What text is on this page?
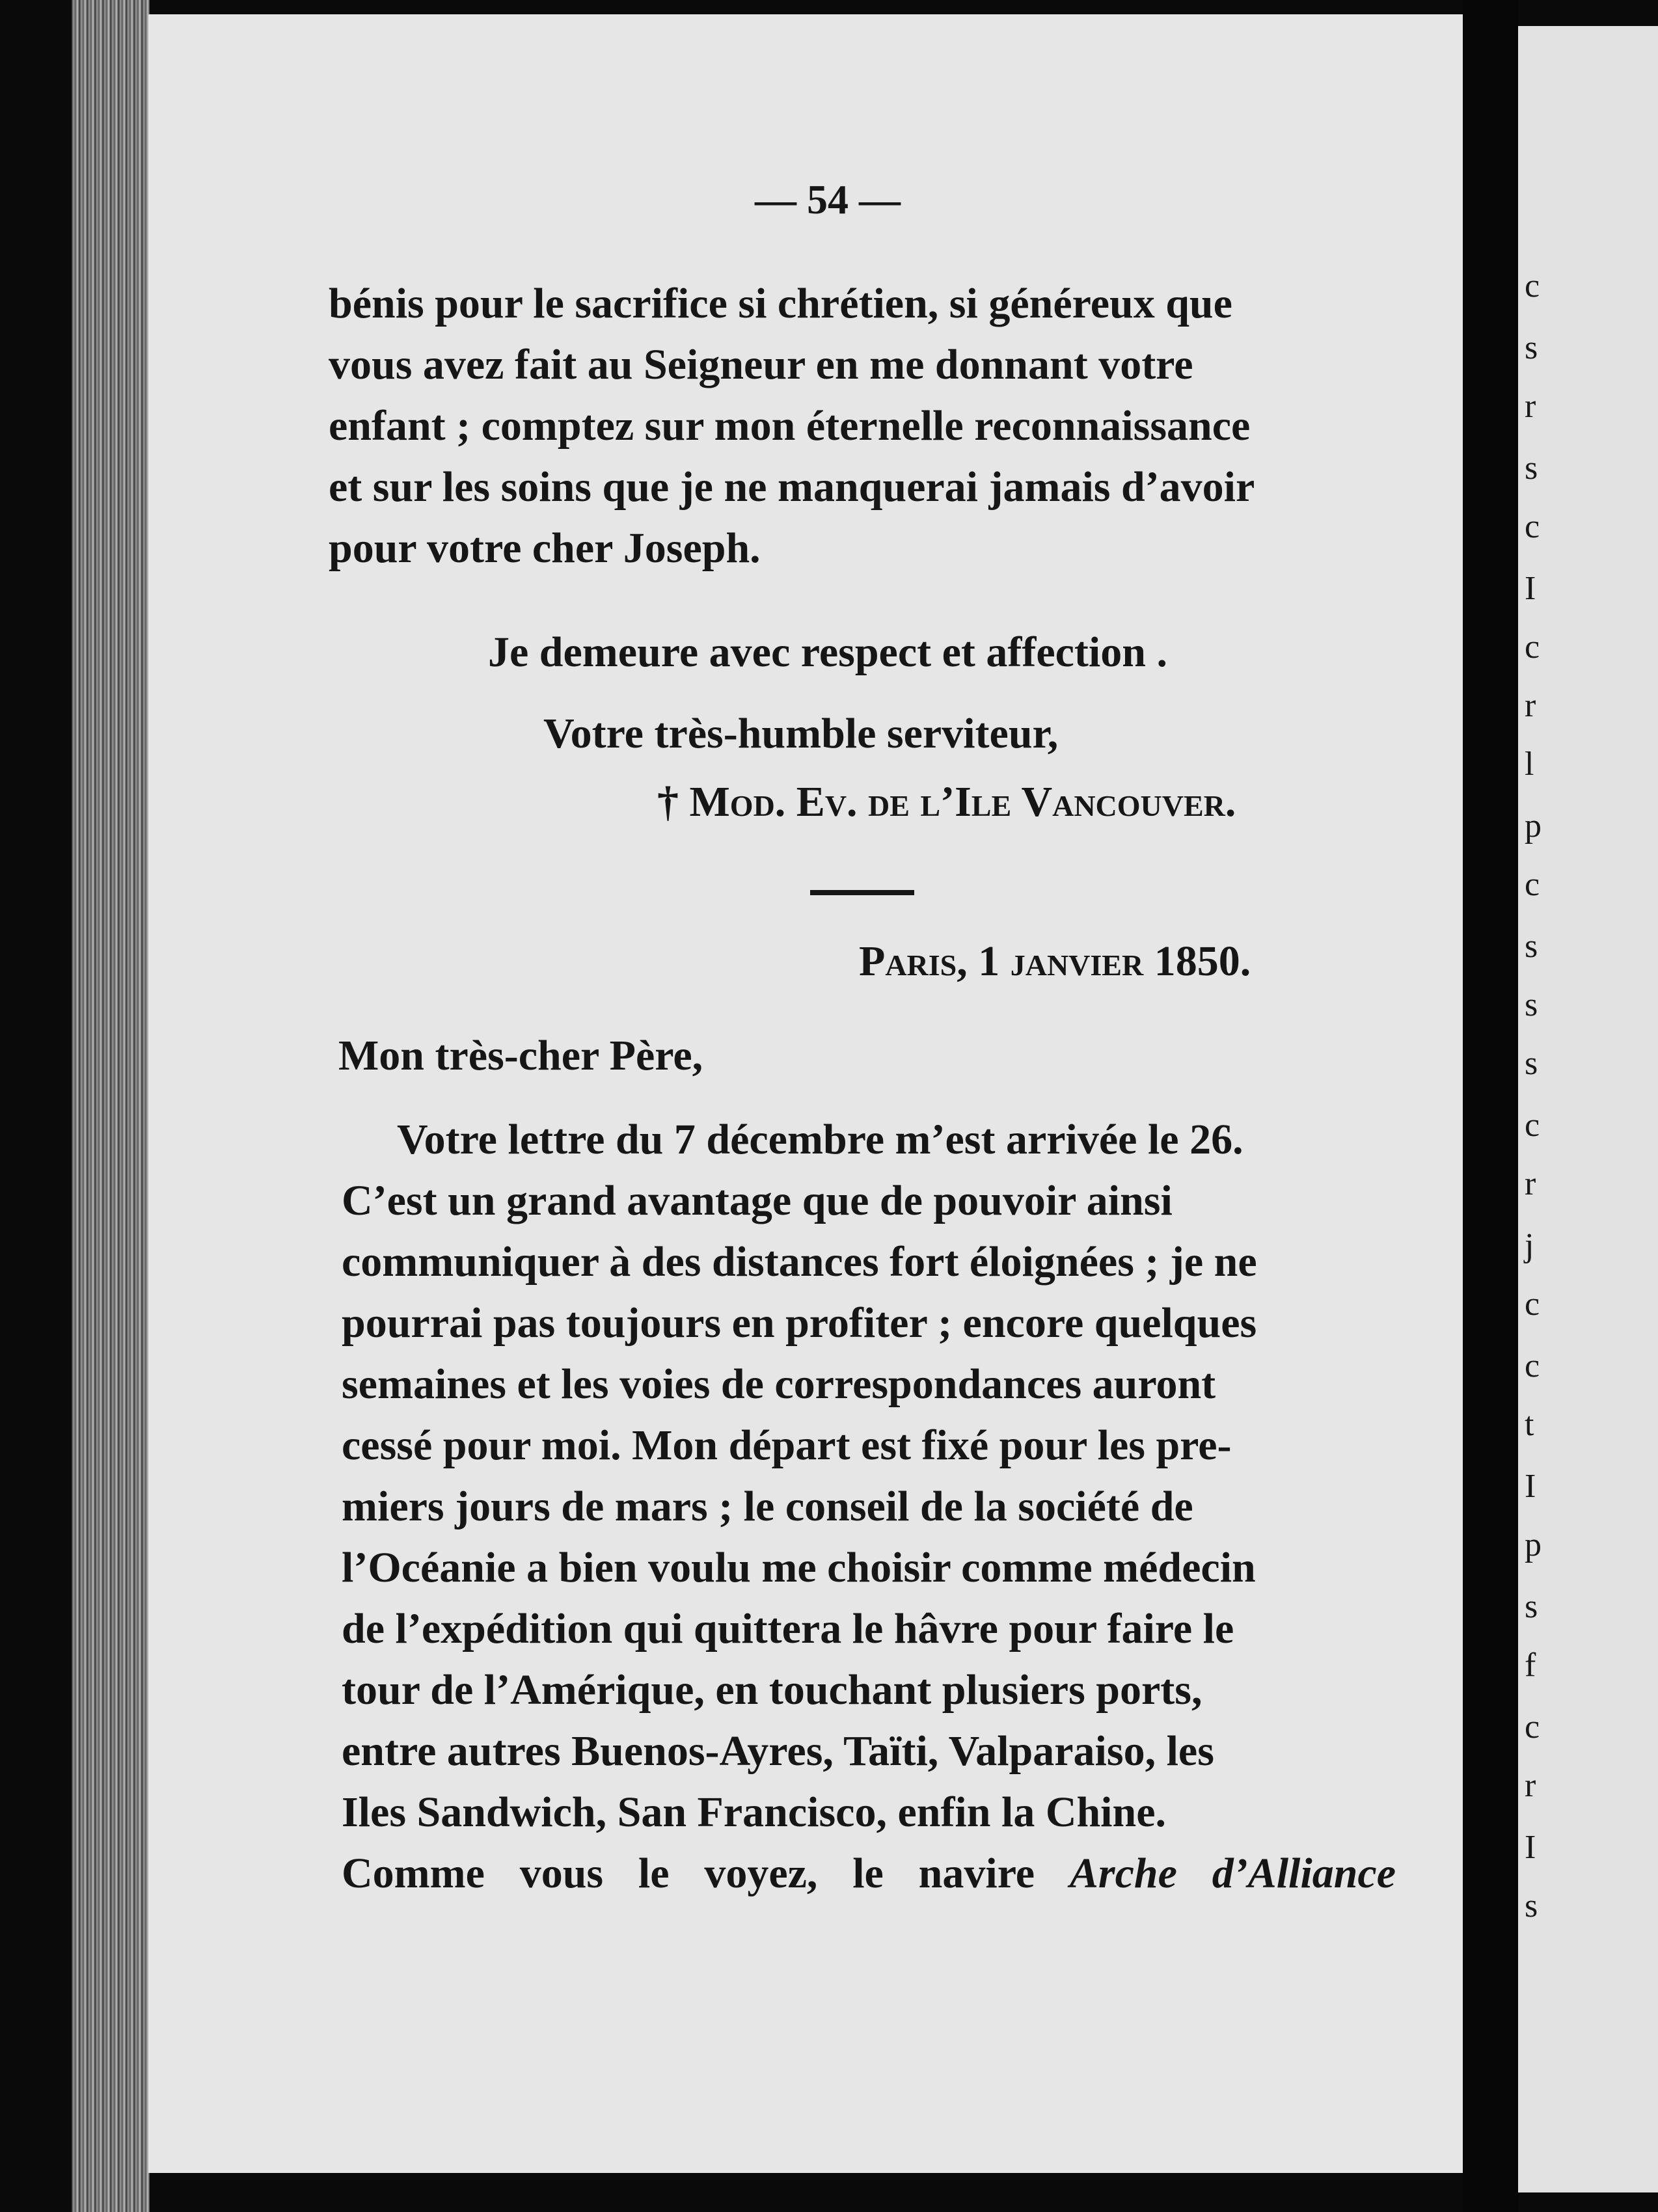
— 54 —
bénis pour le sacrifice si chrétien, si généreux que
vous avez fait au Seigneur en me donnant votre
enfant ; comptez sur mon éternelle reconnaissance
et sur les soins que je ne manquerai jamais d’avoir
pour votre cher Joseph.
Je demeure avec respect et affection .
Votre très-humble serviteur,
† Mod. Ev. de l’Ile Vancouver.
Paris, 1 janvier 1850.
Mon très-cher Père,
Votre lettre du 7 décembre m’est arrivée le 26.
C’est un grand avantage que de pouvoir ainsi
communiquer à des distances fort éloignées ; je ne
pourrai pas toujours en profiter ; encore quelques
semaines et les voies de correspondances auront
cessé pour moi. Mon départ est fixé pour les pre-
miers jours de mars ; le conseil de la société de
l’Océanie a bien voulu me choisir comme médecin
de l’expédition qui quittera le hâvre pour faire le
tour de l’Amérique, en touchant plusiers ports,
entre autres Buenos-Ayres, Taïti, Valparaiso, les
Iles Sandwich, San Francisco, enfin la Chine.
Comme vous le voyez, le navire Arche d’Alliance
c
s
r
s
c
I
c
r
l
p
c
s
s
s
c
r
j
c
c
t
I
p
s
f
c
r
I
s
